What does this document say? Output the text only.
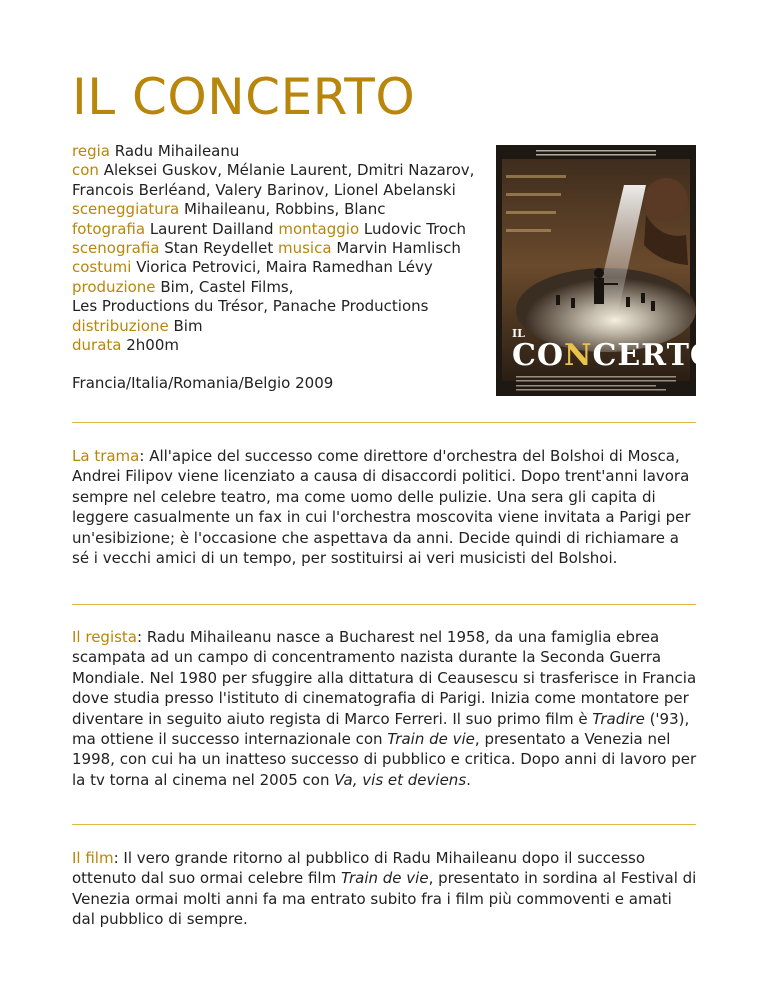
IL CONCERTO
regia Radu Mihaileanu
con Aleksei Guskov, Mélanie Laurent, Dmitri Nazarov,
Francois Berléand, Valery Barinov, Lionel Abelanski
sceneggiatura Mihaileanu, Robbins, Blanc
fotografia Laurent Dailland montaggio Ludovic Troch
scenografia Stan Reydellet musica Marvin Hamlisch
costumi Viorica Petrovici, Maira Ramedhan Lévy
produzione Bim, Castel Films,
Les Productions du Trésor, Panache Productions
distribuzione Bim
durata 2h00m
Francia/Italia/Romania/Belgio 2009
IL
CONCERTO
La trama: All'apice del successo come direttore d'orchestra del Bolshoi di Mosca, Andrei Filipov viene licenziato a causa di disaccordi politici. Dopo trent'anni lavora sempre nel celebre teatro, ma come uomo delle pulizie. Una sera gli capita di leggere casualmente un fax in cui l'orchestra moscovita viene invitata a Parigi per un'esibizione; è l'occasione che aspettava da anni. Decide quindi di richiamare a sé i vecchi amici di un tempo, per sostituirsi ai veri musicisti del Bolshoi.
Il regista: Radu Mihaileanu nasce a Bucharest nel 1958, da una famiglia ebrea scampata ad un campo di concentramento nazista durante la Seconda Guerra Mondiale. Nel 1980 per sfuggire alla dittatura di Ceausescu si trasferisce in Francia dove studia presso l'istituto di cinematografia di Parigi. Inizia come montatore per diventare in seguito aiuto regista di Marco Ferreri. Il suo primo film è Tradire ('93), ma ottiene il successo internazionale con Train de vie, presentato a Venezia nel 1998, con cui ha un inatteso successo di pubblico e critica. Dopo anni di lavoro per la tv torna al cinema nel 2005 con Va, vis et deviens.
Il film: Il vero grande ritorno al pubblico di Radu Mihaileanu dopo il successo ottenuto dal suo ormai celebre film Train de vie, presentato in sordina al Festival di Venezia ormai molti anni fa ma entrato subito fra i film più commoventi e amati dal pubblico di sempre.
